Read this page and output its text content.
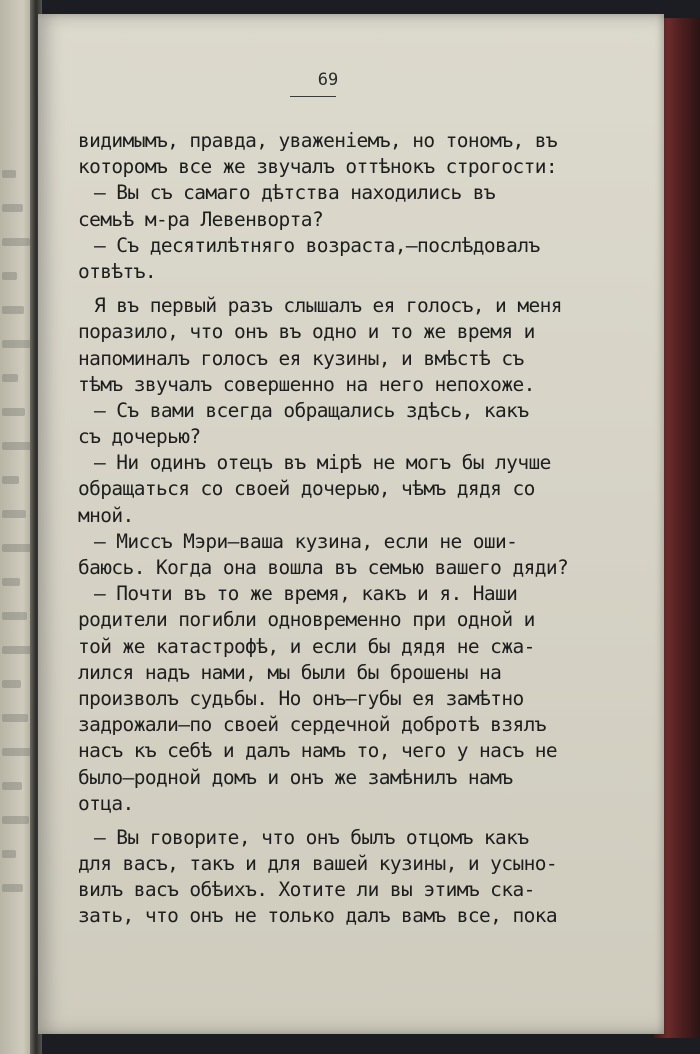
69
видимымъ, правда, уваженіемъ, но тономъ, въ
которомъ все же звучалъ оттѣнокъ строгости:
— Вы съ самаго дѣтства находились въ
семьѣ м-ра Левенворта?
— Съ десятилѣтняго возраста,—послѣдовалъ
отвѣтъ.
Я въ первый разъ слышалъ ея голосъ, и меня
поразило, что онъ въ одно и то же время и
напоминалъ голосъ ея кузины, и вмѣстѣ съ
тѣмъ звучалъ совершенно на него непохоже.
— Съ вами всегда обращались здѣсь, какъ
съ дочерью?
— Ни одинъ отецъ въ мірѣ не могъ бы лучше
обращаться со своей дочерью, чѣмъ дядя со
мной.
— Миссъ Мэри—ваша кузина, если не оши-
баюсь. Когда она вошла въ семью вашего дяди?
— Почти въ то же время, какъ и я. Наши
родители погибли одновременно при одной и
той же катастрофѣ, и если бы дядя не сжа-
лился надъ нами, мы были бы брошены на
произволъ судьбы. Но онъ—губы ея замѣтно
задрожали—по своей сердечной добротѣ взялъ
насъ къ себѣ и далъ намъ то, чего у насъ не
было—родной домъ и онъ же замѣнилъ намъ
отца.
— Вы говорите, что онъ былъ отцомъ какъ
для васъ, такъ и для вашей кузины, и усыно-
вилъ васъ обѣихъ. Хотите ли вы этимъ ска-
зать, что онъ не только далъ вамъ все, пока
